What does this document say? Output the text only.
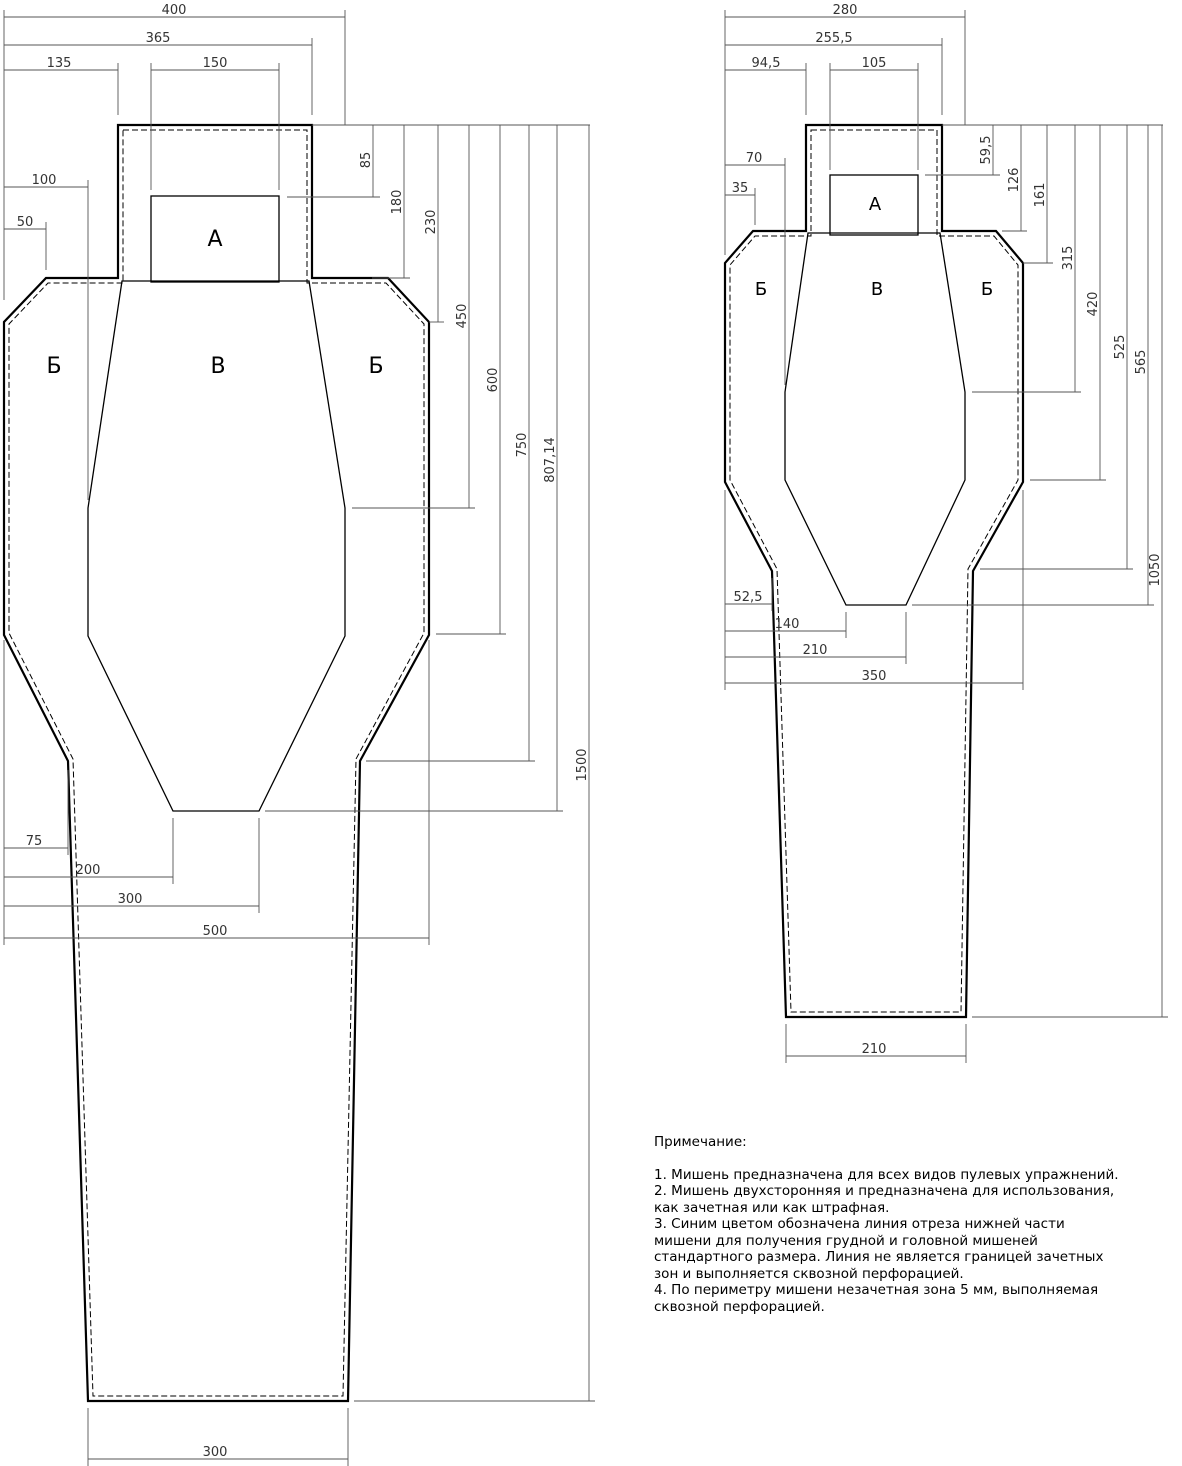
А
Б	В	Б
400
365
135	150
100
50
85
180
230
450
600
750 807,14
1500
75
200
300
500
300
А
Б	В	Б
280
255,5
94,5	105
70
35
59,5
126
161
315
420
525
565
1050
52,5
140
210
350
210
Примечание:
1. Мишень предназначена для всех видов пулевых упражнений.
2. Мишень двухсторонняя и предназначена для использования, как зачетная или как штрафная.
3. Синим цветом обозначена линия отреза нижней части мишени для получения грудной и головной мишеней стандартного размера. Линия не является границей зачетных зон и выполняется сквозной перфорацией.
4. По периметру мишени незачетная зона 5 мм, выполняемая сквозной перфорацией.
